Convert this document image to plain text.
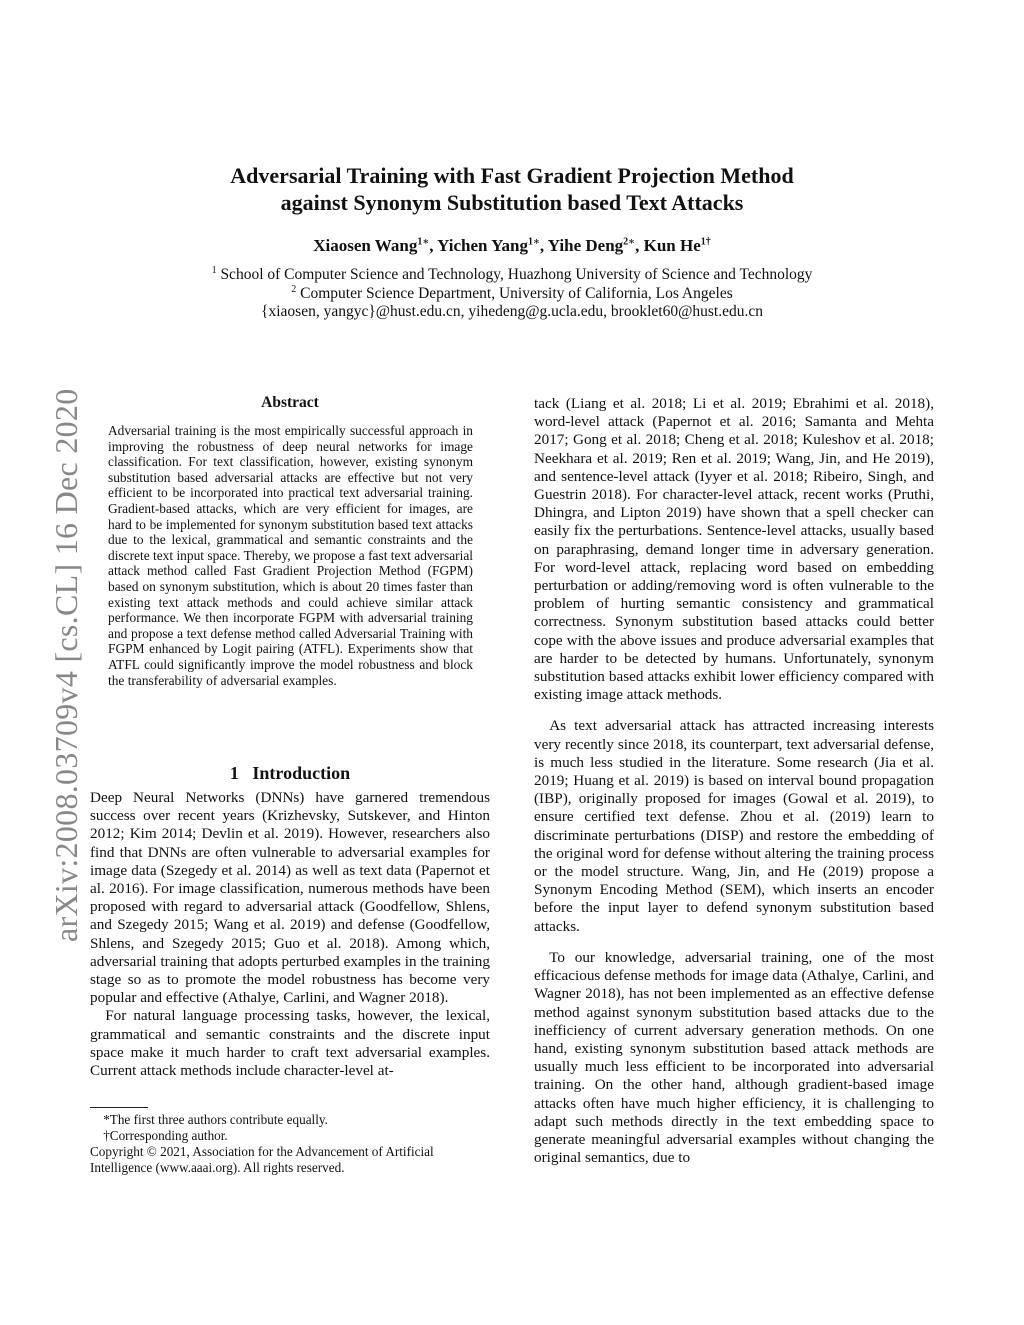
arXiv:2008.03709v4 [cs.CL] 16 Dec 2020
Adversarial Training with Fast Gradient Projection Method
against Synonym Substitution based Text Attacks
Xiaosen Wang$^{1∗}$, Yichen Yang$^{1∗}$, Yihe Deng$^{2∗}$, Kun $He^{1\dagger}$
$^1$ School of Computer Science and Technology, Huazhong University of Science and Technology
$^2$ Computer Science Department, University of California, Los Angeles
{xiaosen, yangyc}@hust.edu.cn, yihedeng@g.ucla.edu, brooklet60@hust.edu.cn
Abstract
Adversarial training is the most empirically successful approach in improving the robustness of deep neural networks for image classification. For text classification, however, existing synonym substitution based adversarial attacks are effective but not very efficient to be incorporated into practical text adversarial training. Gradient-based attacks, which are very efficient for images, are hard to be implemented for synonym substitution based text attacks due to the lexical, grammatical and semantic constraints and the discrete text input space. Thereby, we propose a fast text adversarial attack method called Fast Gradient Projection Method (FGPM) based on synonym substitution, which is about 20 times faster than existing text attack methods and could achieve similar attack performance. We then incorporate FGPM with adversarial training and propose a text defense method called Adversarial Training with FGPM enhanced by Logit pairing (ATFL). Experiments show that ATFL could significantly improve the model robustness and block the transferability of adversarial examples.
1 Introduction

Deep Neural Networks (DNNs) have garnered tremendous success over recent years (Krizhevsky, Sutskever, and Hinton 2012; Kim 2014; Devlin et al. 2019). However, researchers also find that DNNs are often vulnerable to adversarial examples for image data (Szegedy et al. 2014) as well as text data (Papernot et al. 2016). For image classification, numerous methods have been proposed with regard to adversarial attack (Goodfellow, Shlens, and Szegedy 2015; Wang et al. 2019) and defense (Goodfellow, Shlens, and Szegedy 2015; Guo et al. 2018). Among which, adversarial training that adopts perturbed examples in the training stage so as to promote the model robustness has become very popular and effective (Athalye, Carlini, and Wagner 2018).

For natural language processing tasks, however, the lexical, grammatical and semantic constraints and the discrete input space make it much harder to craft text adversarial examples. Current attack methods include character-level at-

*The first three authors contribute equally.

†Corresponding author.

Copyright © 2021, Association for the Advancement of Artificial Intelligence (www.aaai.org). All rights reserved.

tack (Liang et al. 2018; Li et al. 2019; Ebrahimi et al. 2018), word-level attack (Papernot et al. 2016; Samanta and Mehta 2017; Gong et al. 2018; Cheng et al. 2018; Kuleshov et al. 2018; Neekhara et al. 2019; Ren et al. 2019; Wang, Jin, and He 2019), and sentence-level attack (Iyyer et al. 2018; Ribeiro, Singh, and Guestrin 2018). For character-level attack, recent works (Pruthi, Dhingra, and Lipton 2019) have shown that a spell checker can easily fix the perturbations. Sentence-level attacks, usually based on paraphrasing, demand longer time in adversary generation. For word-level attack, replacing word based on embedding perturbation or adding/removing word is often vulnerable to the problem of hurting semantic consistency and grammatical correctness. Synonym substitution based attacks could better cope with the above issues and produce adversarial examples that are harder to be detected by humans. Unfortunately, synonym substitution based attacks exhibit lower efficiency compared with existing image attack methods.

As text adversarial attack has attracted increasing interests very recently since 2018, its counterpart, text adversarial defense, is much less studied in the literature. Some research (Jia et al. 2019; Huang et al. 2019) is based on interval bound propagation (IBP), originally proposed for images (Gowal et al. 2019), to ensure certified text defense. Zhou et al. (2019) learn to discriminate perturbations (DISP) and restore the embedding of the original word for defense without altering the training process or the model structure. Wang, Jin, and He (2019) propose a Synonym Encoding Method (SEM), which inserts an encoder before the input layer to defend synonym substitution based attacks.

To our knowledge, adversarial training, one of the most efficacious defense methods for image data (Athalye, Carlini, and Wagner 2018), has not been implemented as an effective defense method against synonym substitution based attacks due to the inefficiency of current adversary generation methods. On one hand, existing synonym substitution based attack methods are usually much less efficient to be incorporated into adversarial training. On the other hand, although gradient-based image attacks often have much higher efficiency, it is challenging to adapt such methods directly in the text embedding space to generate meaningful adversarial examples without changing the original semantics, due to
